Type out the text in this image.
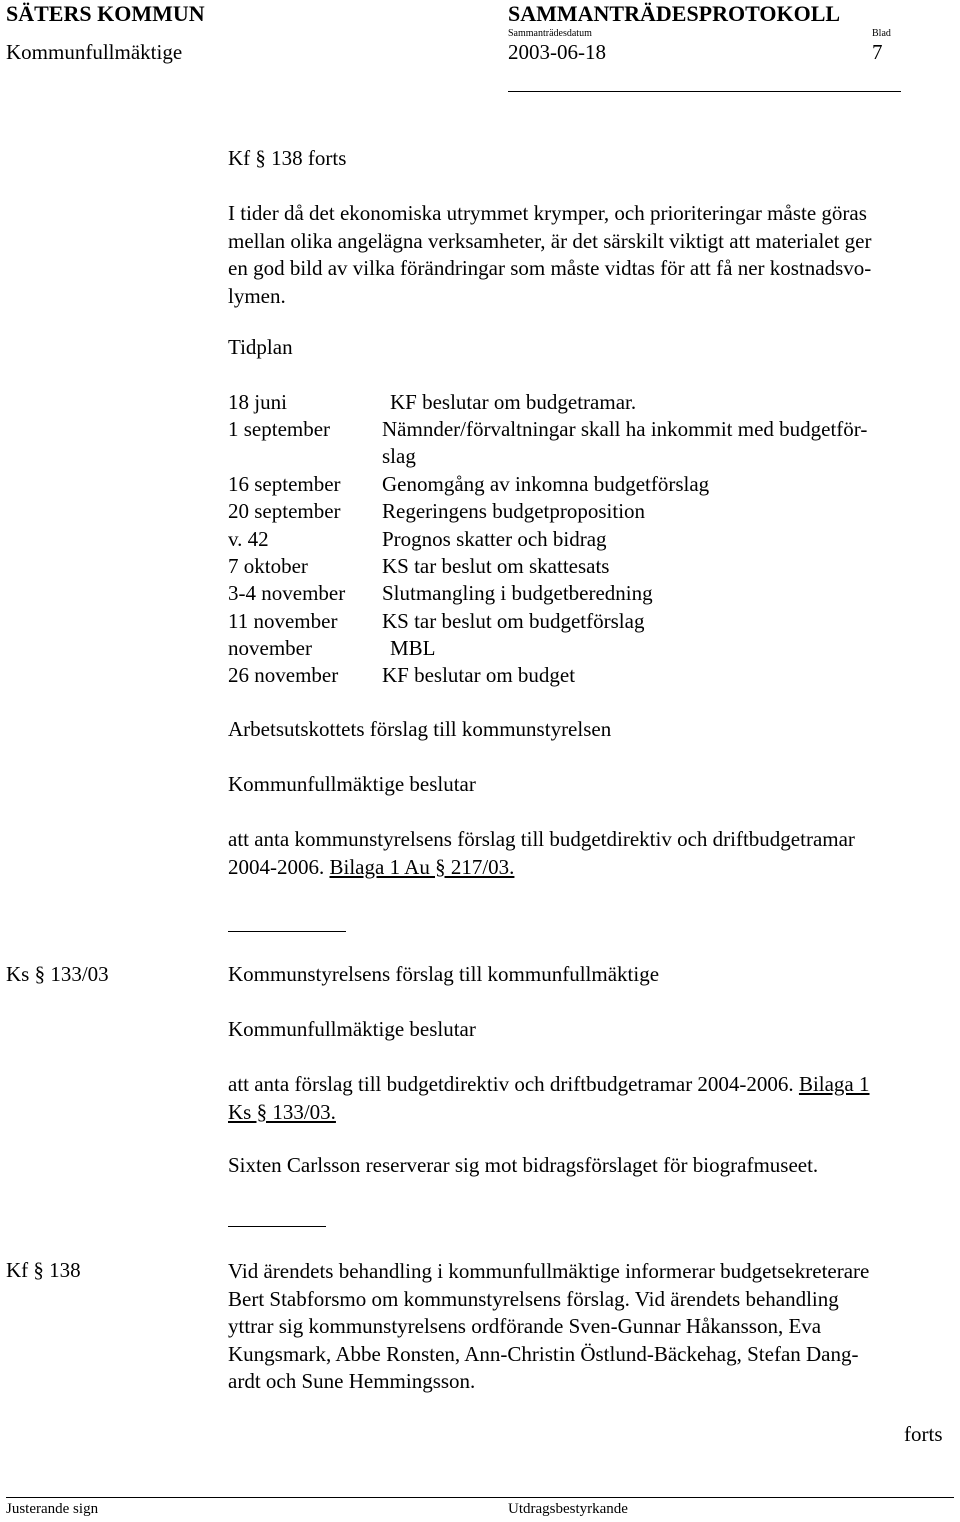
SÄTERS KOMMUN	SAMMANTRÄDESPROTOKOLL
Kommunfullmäktige
Sammanträdesdatum
2003-06-18
Blad
7
Kf § 138 forts
I tider då det ekonomiska utrymmet krymper, och prioriteringar måste göras
mellan olika angelägna verksamheter, är det särskilt viktigt att materialet ger
en god bild av vilka förändringar som måste vidtas för att få ner kostnadsvo-
lymen.
Tidplan
18 juni	KF beslutar om budgetramar.
1 september Nämnder/förvaltningar skall ha inkommit med budgetför-
slag
16 september Genomgång av inkomna budgetförslag
20 september Regeringens budgetproposition
v. 42	Prognos skatter och bidrag
7 oktober	KS tar beslut om skattesats
3-4 november Slutmangling i budgetberedning
11 november KS tar beslut om budgetförslag
november	MBL
26 november KF beslutar om budget
Arbetsutskottets förslag till kommunstyrelsen
Kommunfullmäktige beslutar
att anta kommunstyrelsens förslag till budgetdirektiv och driftbudgetramar
2004-2006. Bilaga 1 Au § 217/03.
Ks § 133/03	Kommunstyrelsens förslag till kommunfullmäktige
Kommunfullmäktige beslutar
att anta förslag till budgetdirektiv och driftbudgetramar 2004-2006. Bilaga 1
Ks § 133/03.
Sixten Carlsson reserverar sig mot bidragsförslaget för biografmuseet.
Kf § 138	Vid ärendets behandling i kommunfullmäktige informerar budgetsekreterare
Bert Stabforsmo om kommunstyrelsens förslag. Vid ärendets behandling
yttrar sig kommunstyrelsens ordförande Sven-Gunnar Håkansson, Eva
Kungsmark, Abbe Ronsten, Ann-Christin Östlund-Bäckehag, Stefan Dang-
ardt och Sune Hemmingsson.
forts
Justerande sign	Utdragsbestyrkande
